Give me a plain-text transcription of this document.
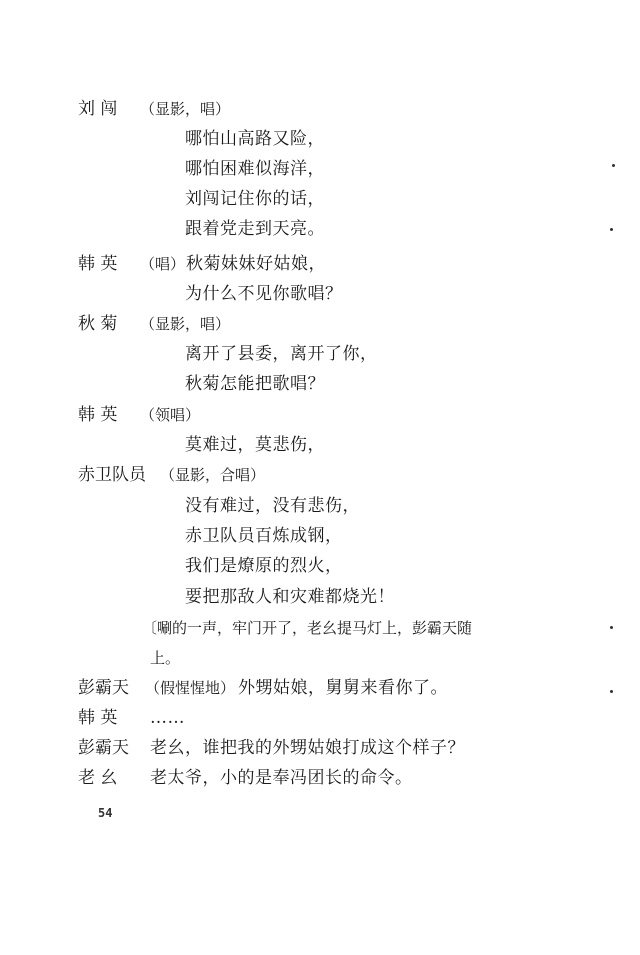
刘 闯 （显影，唱）
哪怕山高路又险，
哪怕困难似海洋，
刘闯记住你的话，
跟着党走到天亮。
韩 英 （唱） 秋菊妹妹好姑娘，
为什么不见你歌唱？
秋 菊 （显影，唱）
离开了县委，离开了你，
秋菊怎能把歌唱？
韩 英 （领唱）
莫难过，莫悲伤，
赤卫队员 （显影，合唱）
没有难过，没有悲伤，
赤卫队员百炼成钢，
我们是燎原的烈火，
要把那敌人和灾难都烧光！
〔唰的一声，牢门开了，老幺提马灯上，彭霸天随
上。
彭霸天 （假惺惺地） 外甥姑娘，舅舅来看你了。
韩 英 ……
彭霸天 老幺，谁把我的外甥姑娘打成这个样子？
老 幺 老太爷，小的是奉冯团长的命令。
54
